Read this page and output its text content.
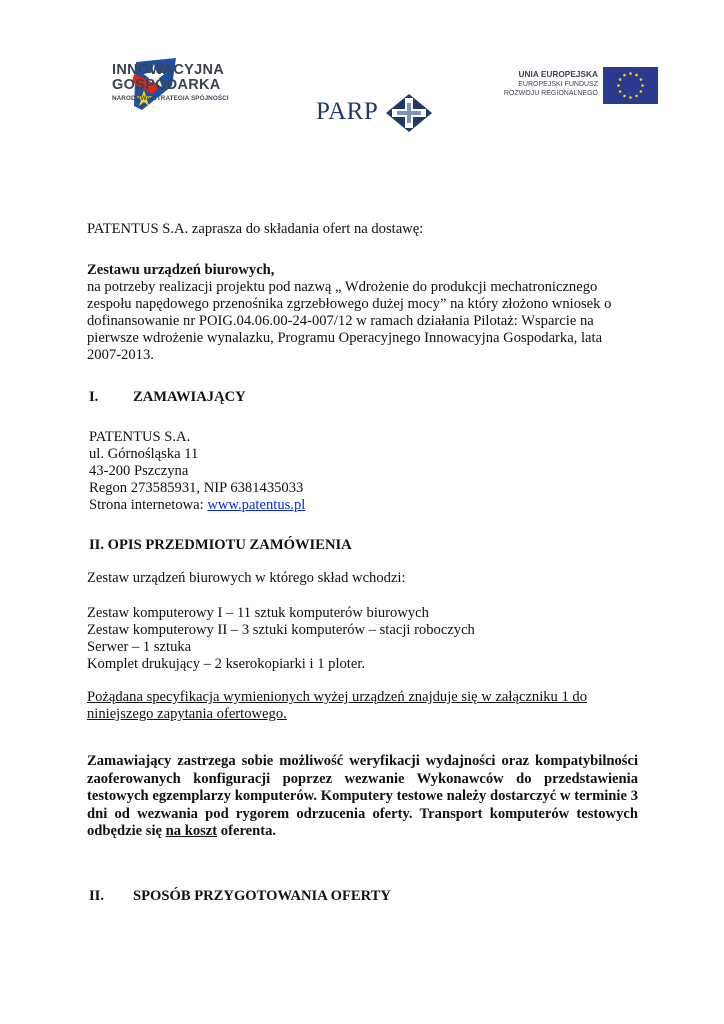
INNOWACYJNA
GOSPODARKA
NARODOWA STRATEGIA SPÓJNOŚCI	PARP
UNIA EUROPEJSKA
EUROPEJSKI FUNDUSZ
ROZWOJU REGIONALNEGO
PATENTUS S.A. zaprasza do składania ofert na dostawę:
Zestawu urządzeń biurowych,
na potrzeby realizacji projektu pod nazwą „ Wdrożenie do produkcji mechatronicznego
zespołu napędowego przenośnika zgrzebłowego dużej mocy” na który złożono wniosek o
dofinansowanie nr POIG.04.06.00-24-007/12 w ramach działania Pilotaż: Wsparcie na
pierwsze wdrożenie wynalazku, Programu Operacyjnego Innowacyjna Gospodarka, lata
2007-2013.
I. ZAMAWIAJĄCY
PATENTUS S.A.
ul. Górnośląska 11
43-200 Pszczyna
Regon 273585931, NIP 6381435033
Strona internetowa: www.patentus.pl
II. OPIS PRZEDMIOTU ZAMÓWIENIA
Zestaw urządzeń biurowych w którego skład wchodzi:
Zestaw komputerowy I – 11 sztuk komputerów biurowych
Zestaw komputerowy II – 3 sztuki komputerów – stacji roboczych
Serwer – 1 sztuka
Komplet drukujący – 2 kserokopiarki i 1 ploter.
Pożądana specyfikacja wymienionych wyżej urządzeń znajduje się w załączniku 1 do
niniejszego zapytania ofertowego.
Zamawiający zastrzega sobie możliwość weryfikacji wydajności oraz kompatybilności
zaoferowanych konfiguracji poprzez wezwanie Wykonawców do przedstawienia
testowych egzemplarzy komputerów. Komputery testowe należy dostarczyć w terminie 3
dni od wezwania pod rygorem odrzucenia oferty. Transport komputerów testowych
odbędzie się na koszt oferenta.
II. SPOSÓB PRZYGOTOWANIA OFERTY
